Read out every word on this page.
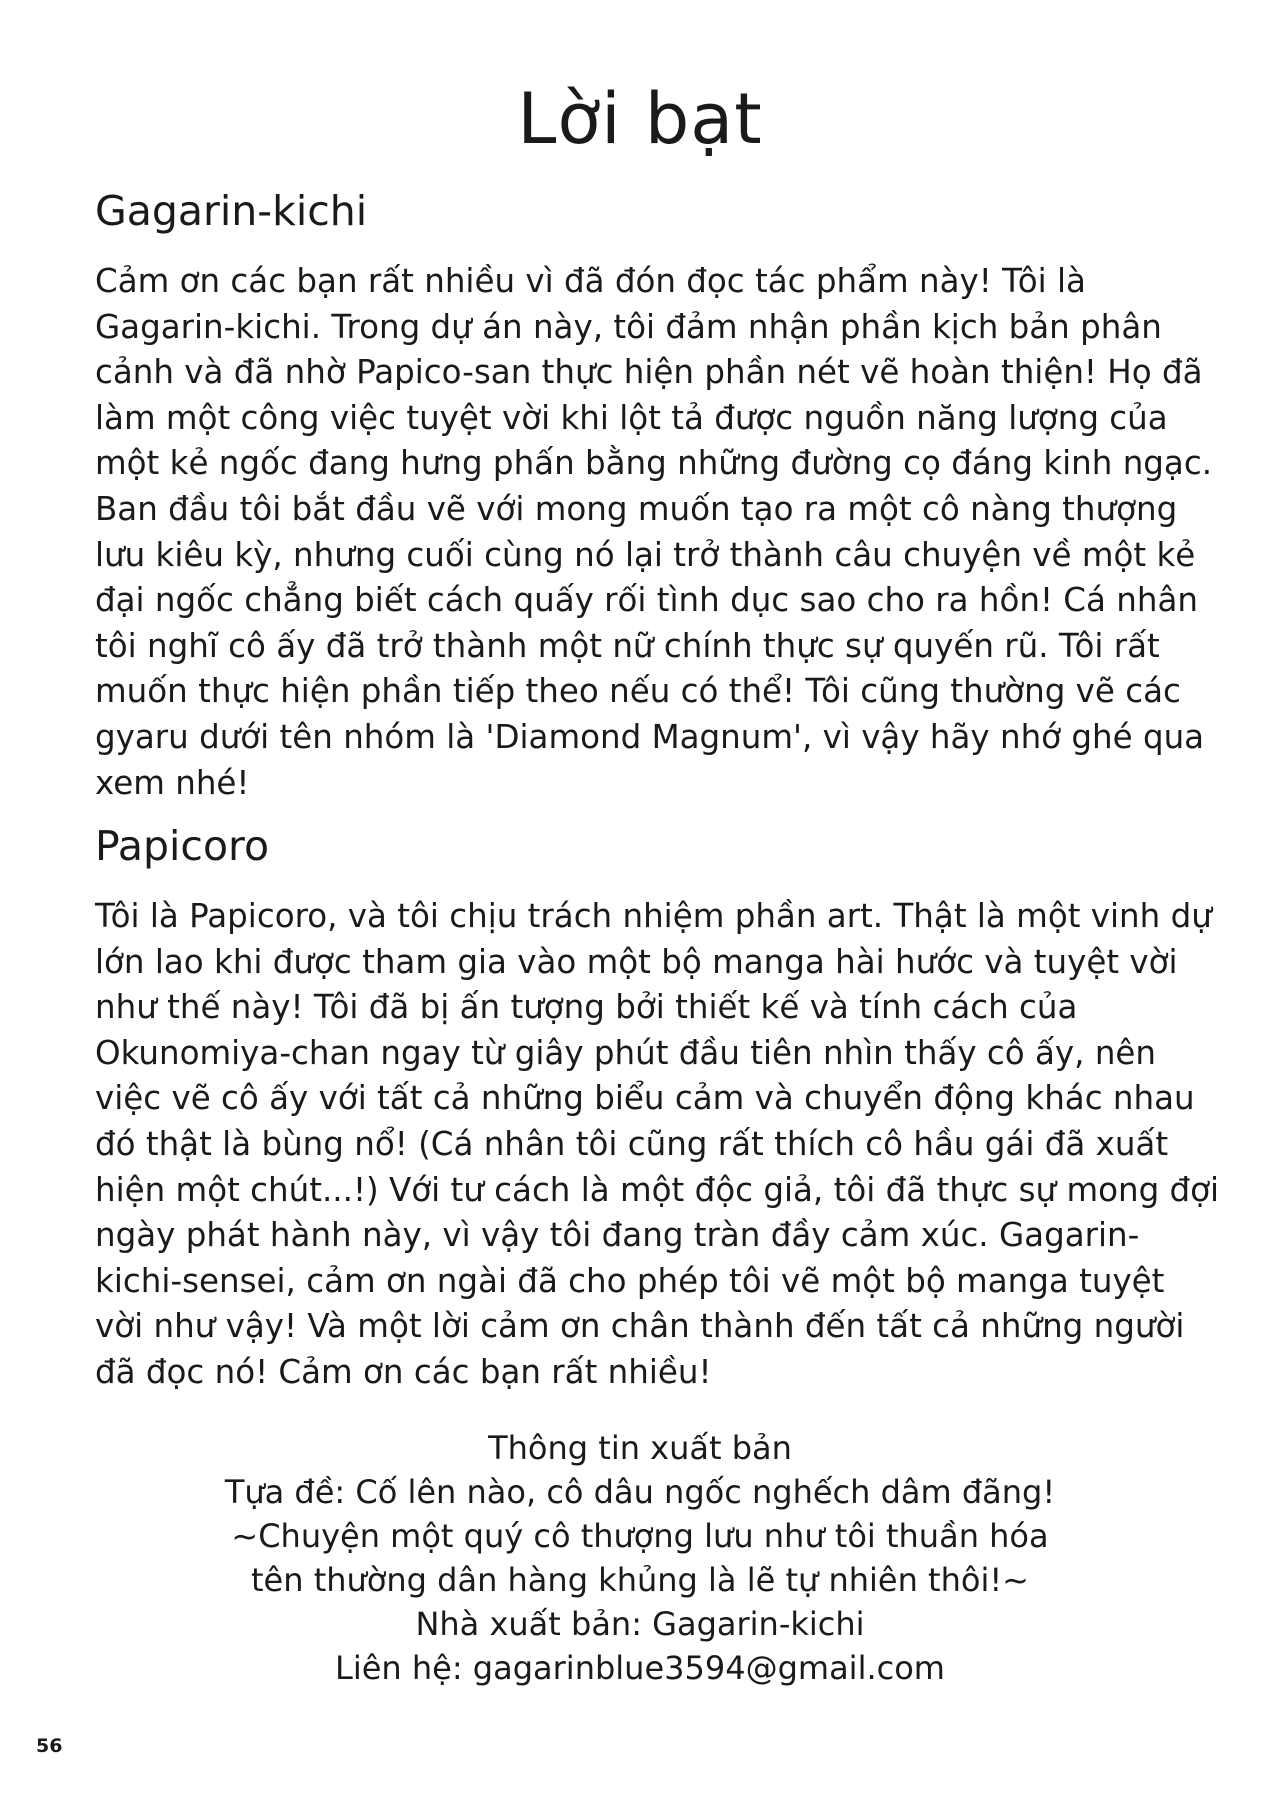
Lời bạt
Gagarin-kichi

Cảm ơn các bạn rất nhiều vì đã đón đọc tác phẩm này! Tôi là Gagarin-kichi. Trong dự án này, tôi đảm nhận phần kịch bản phân cảnh và đã nhờ Papico-san thực hiện phần nét vẽ hoàn thiện! Họ đã làm một công việc tuyệt vời khi lột tả được nguồn năng lượng của một kẻ ngốc đang hưng phấn bằng những đường cọ đáng kinh ngạc. Ban đầu tôi bắt đầu vẽ với mong muốn tạo ra một cô nàng thượng lưu kiêu kỳ, nhưng cuối cùng nó lại trở thành câu chuyện về một kẻ đại ngốc chẳng biết cách quấy rối tình dục sao cho ra hồn! Cá nhân tôi nghĩ cô ấy đã trở thành một nữ chính thực sự quyến rũ. Tôi rất muốn thực hiện phần tiếp theo nếu có thể! Tôi cũng thường vẽ các gyaru dưới tên nhóm là 'Diamond Magnum', vì vậy hãy nhớ ghé qua xem nhé!

Papicoro

Tôi là Papicoro, và tôi chịu trách nhiệm phần art. Thật là một vinh dự lớn lao khi được tham gia vào một bộ manga hài hước và tuyệt vời như thế này! Tôi đã bị ấn tượng bởi thiết kế và tính cách của Okunomiya-chan ngay từ giây phút đầu tiên nhìn thấy cô ấy, nên việc vẽ cô ấy với tất cả những biểu cảm và chuyển động khác nhau đó thật là bùng nổ! (Cá nhân tôi cũng rất thích cô hầu gái đã xuất hiện một chút...!) Với tư cách là một độc giả, tôi đã thực sự mong đợi ngày phát hành này, vì vậy tôi đang tràn đầy cảm xúc. Gagarin-kichi-sensei, cảm ơn ngài đã cho phép tôi vẽ một bộ manga tuyệt vời như vậy! Và một lời cảm ơn chân thành đến tất cả những người đã đọc nó! Cảm ơn các bạn rất nhiều!

Thông tin xuất bản
Tựa đề: Cố lên nào, cô dâu ngốc nghếch dâm đãng!
~Chuyện một quý cô thượng lưu như tôi thuần hóa
tên thường dân hàng khủng là lẽ tự nhiên thôi!~
Nhà xuất bản: Gagarin-kichi
Liên hệ: gagarinblue3594@gmail.com
56
